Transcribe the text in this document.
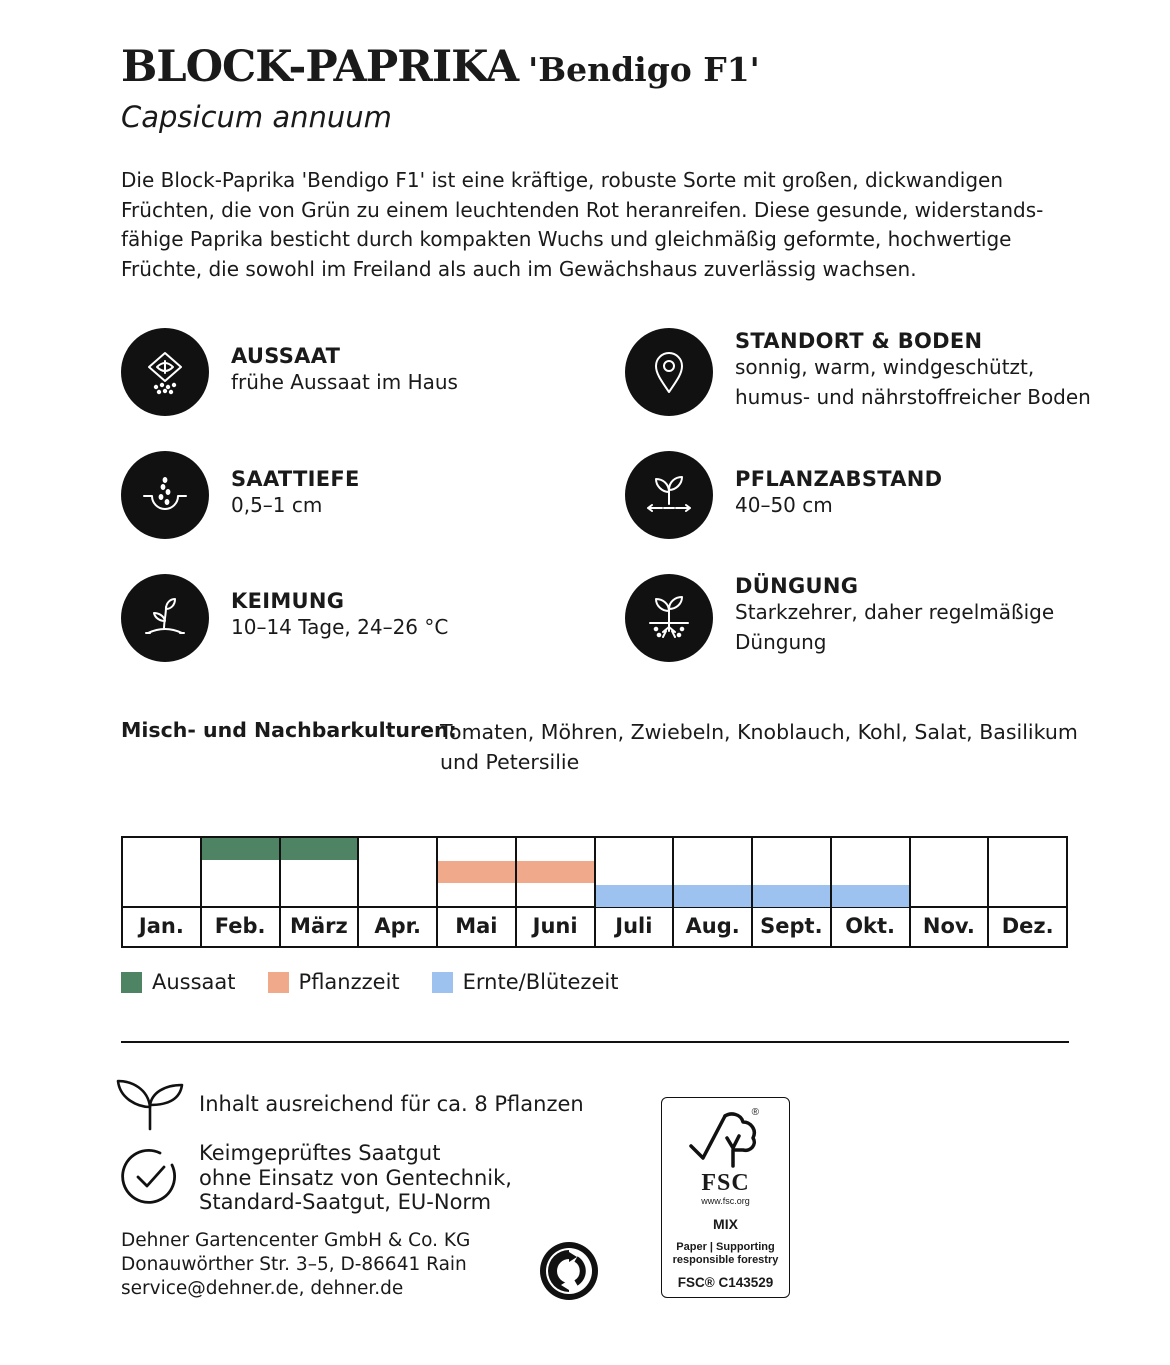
BLOCK-PAPRIKA 'Bendigo F1'
Capsicum annuum
Die Block-Paprika 'Bendigo F1' ist eine kräftige, robuste Sorte mit großen, dickwandigen
Früchten, die von Grün zu einem leuchtenden Rot heranreifen. Diese gesunde, widerstands-
fähige Paprika besticht durch kompakten Wuchs und gleichmäßig geformte, hochwertige
Früchte, die sowohl im Freiland als auch im Gewächshaus zuverlässig wachsen.
AUSSAAT
frühe Aussaat im Haus
STANDORT & BODEN
sonnig, warm, windgeschützt,
humus- und nährstoffreicher Boden
SAATTIEFE
0,5–1 cm
PFLANZABSTAND
40–50 cm
KEIMUNG
10–14 Tage, 24–26 °C
DÜNGUNG
Starkzehrer, daher regelmäßige
Düngung
Misch- und Nachbarkulturen:
Tomaten, Möhren, Zwiebeln, Knoblauch, Kohl, Salat, Basilikum
und Petersilie
Jan.	Feb.	März	Apr.	Mai	Juni	Juli	Aug. Sept.	Okt.	Nov.	Dez.
Aussaat	Pflanzzeit	Ernte/Blütezeit
Inhalt ausreichend für ca. 8 Pflanzen
Keimgeprüftes Saatgut
ohne Einsatz von Gentechnik,
Standard-Saatgut, EU-Norm
Dehner Gartencenter GmbH & Co. KG
Donauwörther Str. 3–5, D-86641 Rain
service@dehner.de, dehner.de
®
FSC
www.fsc.org
MIX
Paper | Supporting
responsible forestry
FSC® C143529
